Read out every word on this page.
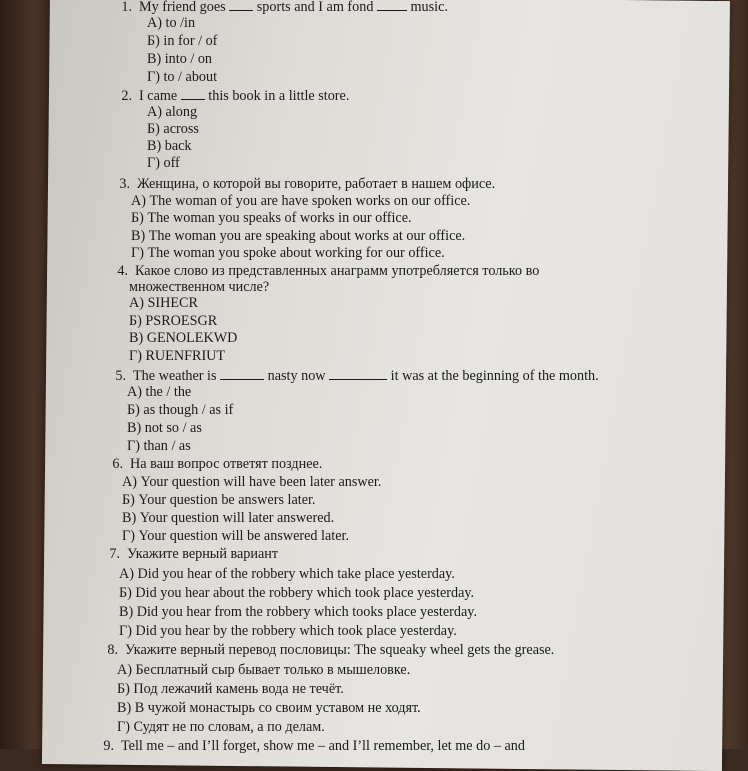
1. My friend goes sports and I am fond	music.
А) to /in
Б) in for / of
В) into / on
Г) to / about
2. I came this book in a little store.
А) along
Б) across
В) back
Г) off
3. Женщина, о которой вы говорите, работает в нашем офисе.
А) The woman of you are have spoken works on our office.
Б) The woman you speaks of works in our office.
В) The woman you are speaking about works at our office.
Г) The woman you spoke about working for our office.
4. Какое слово из представленных анаграмм употребляется только во
множественном числе?
А) SIHECR
Б) PSROESGR
В) GENOLEKWD
Г) RUENFRIUT
5. The weather is	nasty now	it was at the beginning of the month.
А) the / the
Б) as though / as if
В) not so / as
Г) than / as
6. На ваш вопрос ответят позднее.
А) Your question will have been later answer.
Б) Your question be answers later.
В) Your question will later answered.
Г) Your question will be answered later.
7. Укажите верный вариант
А) Did you hear of the robbery which take place yesterday.
Б) Did you hear about the robbery which took place yesterday.
В) Did you hear from the robbery which tooks place yesterday.
Г) Did you hear by the robbery which took place yesterday.
8. Укажите верный перевод пословицы: The squeaky wheel gets the grease.
А) Бесплатный сыр бывает только в мышеловке.
Б) Под лежачий камень вода не течёт.
В) В чужой монастырь со своим уставом не ходят.
Г) Судят не по словам, а по делам.
9. Tell me – and I’ll forget, show me – and I’ll remember, let me do – and
